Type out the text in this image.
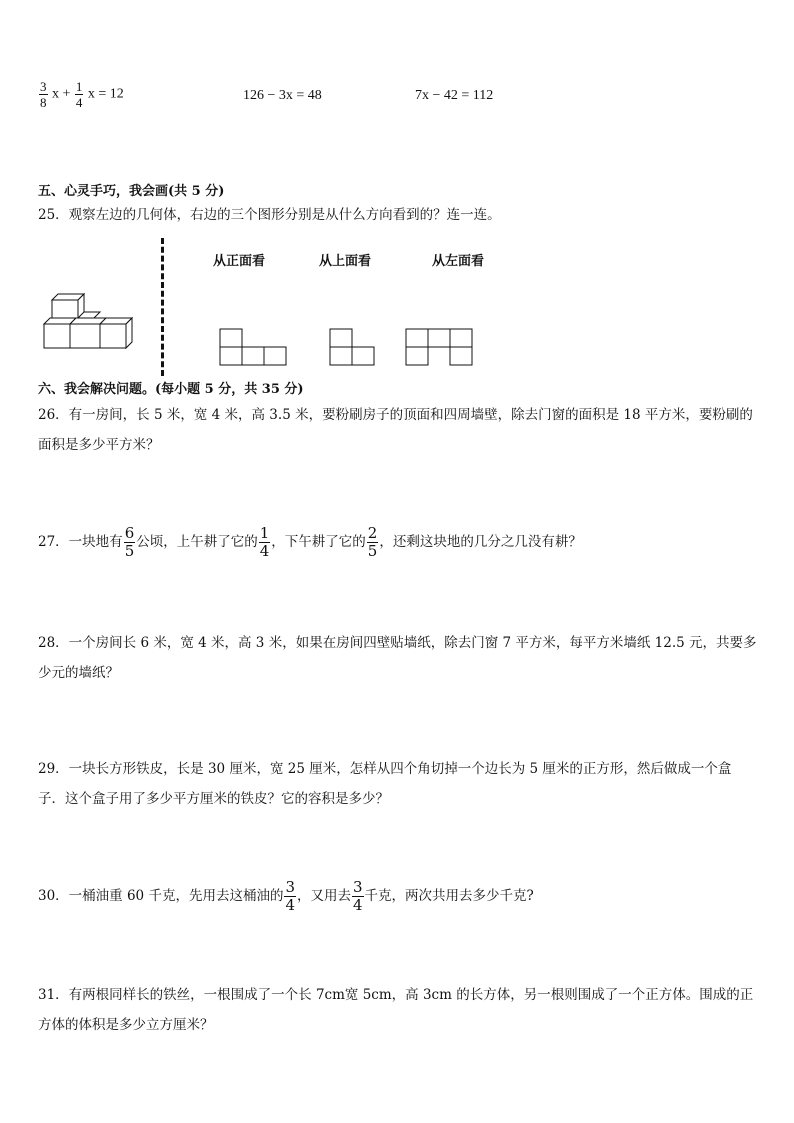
$\frac{3}{8}$ $x + \frac{1}{4}$ x = 12	126 − 3x = 48	7x − 42 = 112
五、心灵手巧，我会画(共 5 分)
25．观察左边的几何体，右边的三个图形分别是从什么方向看到的？连一连。
从正面看	从上面看	从左面看
六、我会解决问题。(每小题 5 分，共 35 分)
26．有一房间，长 5 米，宽 4 米，高 3.5 米，要粉刷房子的顶面和四周墙壁，除去门窗的面积是 18 平方米，要粉刷的面积是多少平方米？
27．一块地有 $\frac{6}{5}$ 公顷，上午耕了它的 $\frac{1}{4}$ ，下午耕了它的 $\frac{2}{5}$ ，还剩这块地的几分之几没有耕？
28．一个房间长 6 米，宽 4 米，高 3 米，如果在房间四壁贴墙纸，除去门窗 7 平方米，每平方米墙纸 12.5 元，共要多少元的墙纸？
29．一块长方形铁皮，长是 30 厘米，宽 25 厘米，怎样从四个角切掉一个边长为 5 厘米的正方形，然后做成一个盒子．这个盒子用了多少平方厘米的铁皮？它的容积是多少？
30．一桶油重 60 千克，先用去这桶油的 $\frac{3}{4}$ ，又用去 $\frac{3}{4}$ 千克，两次共用去多少千克?
31．有两根同样长的铁丝，一根围成了一个长 7cm宽 5cm，高 3cm 的长方体，另一根则围成了一个正方体。围成的正方体的体积是多少立方厘米？
